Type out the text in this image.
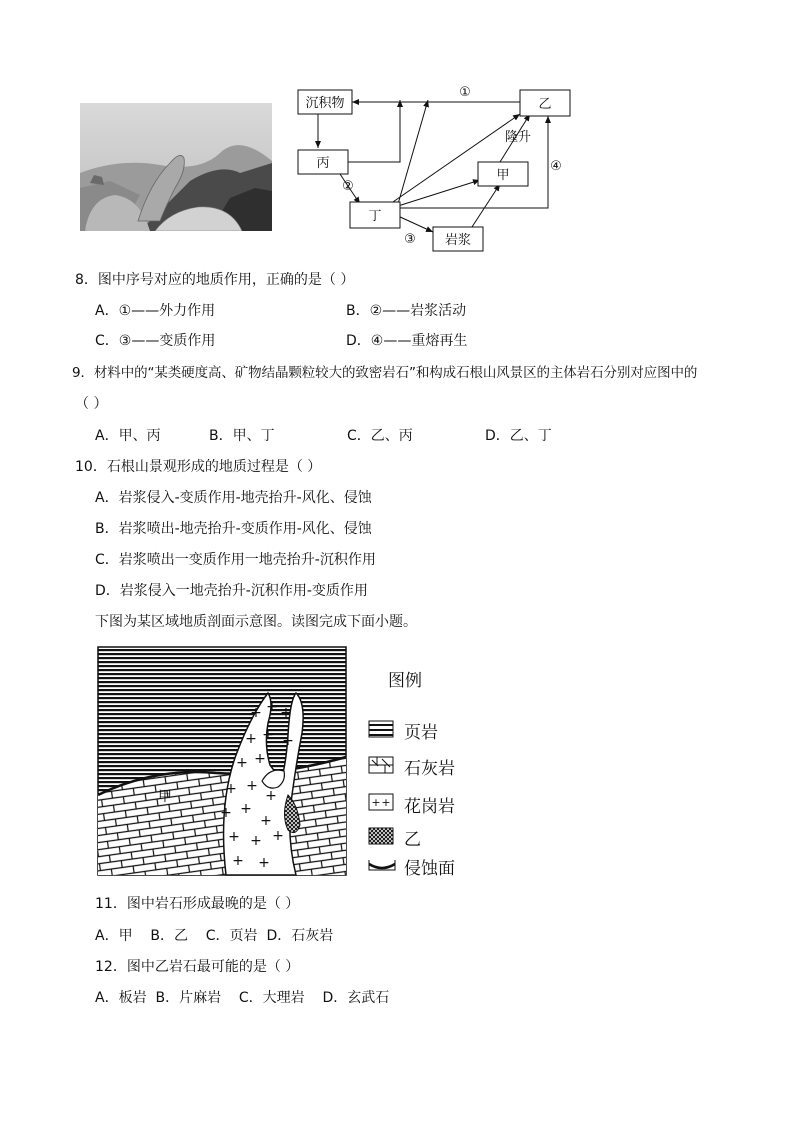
沉积物	乙
丙
甲
丁
岩浆
①
②
③
④
隆升
8．图中序号对应的地质作用，正确的是（ ）
A．①——外力作用	B．②——岩浆活动
C．③——变质作用	D．④——重熔再生
9．材料中的“某类硬度高、矿物结晶颗粒较大的致密岩石”和构成石根山风景区的主体岩石分别对应图中的
（ ）
A．甲、丙	B．甲、丁	C．乙、丙	D．乙、丁
10．石根山景观形成的地质过程是（ ）
A．岩浆侵入-变质作用-地壳抬升-风化、侵蚀
B．岩浆喷出-地壳抬升-变质作用-风化、侵蚀
C．岩浆喷出一变质作用一地壳抬升-沉积作用
D．岩浆侵入一地壳抬升-沉积作用-变质作用
下图为某区域地质剖面示意图。读图完成下面小题。
+ +
+ +
+
+ +
+
+ +
+
+ +
+
+ + +
+ +
甲
图例
页岩
石灰岩
+ + 花岗岩
乙
侵蚀面
11．图中岩石形成最晚的是（ ）
A．甲    B．乙    C．页岩  D．石灰岩
12．图中乙岩石最可能的是（ ）
A．板岩  B．片麻岩    C．大理岩    D．玄武石
